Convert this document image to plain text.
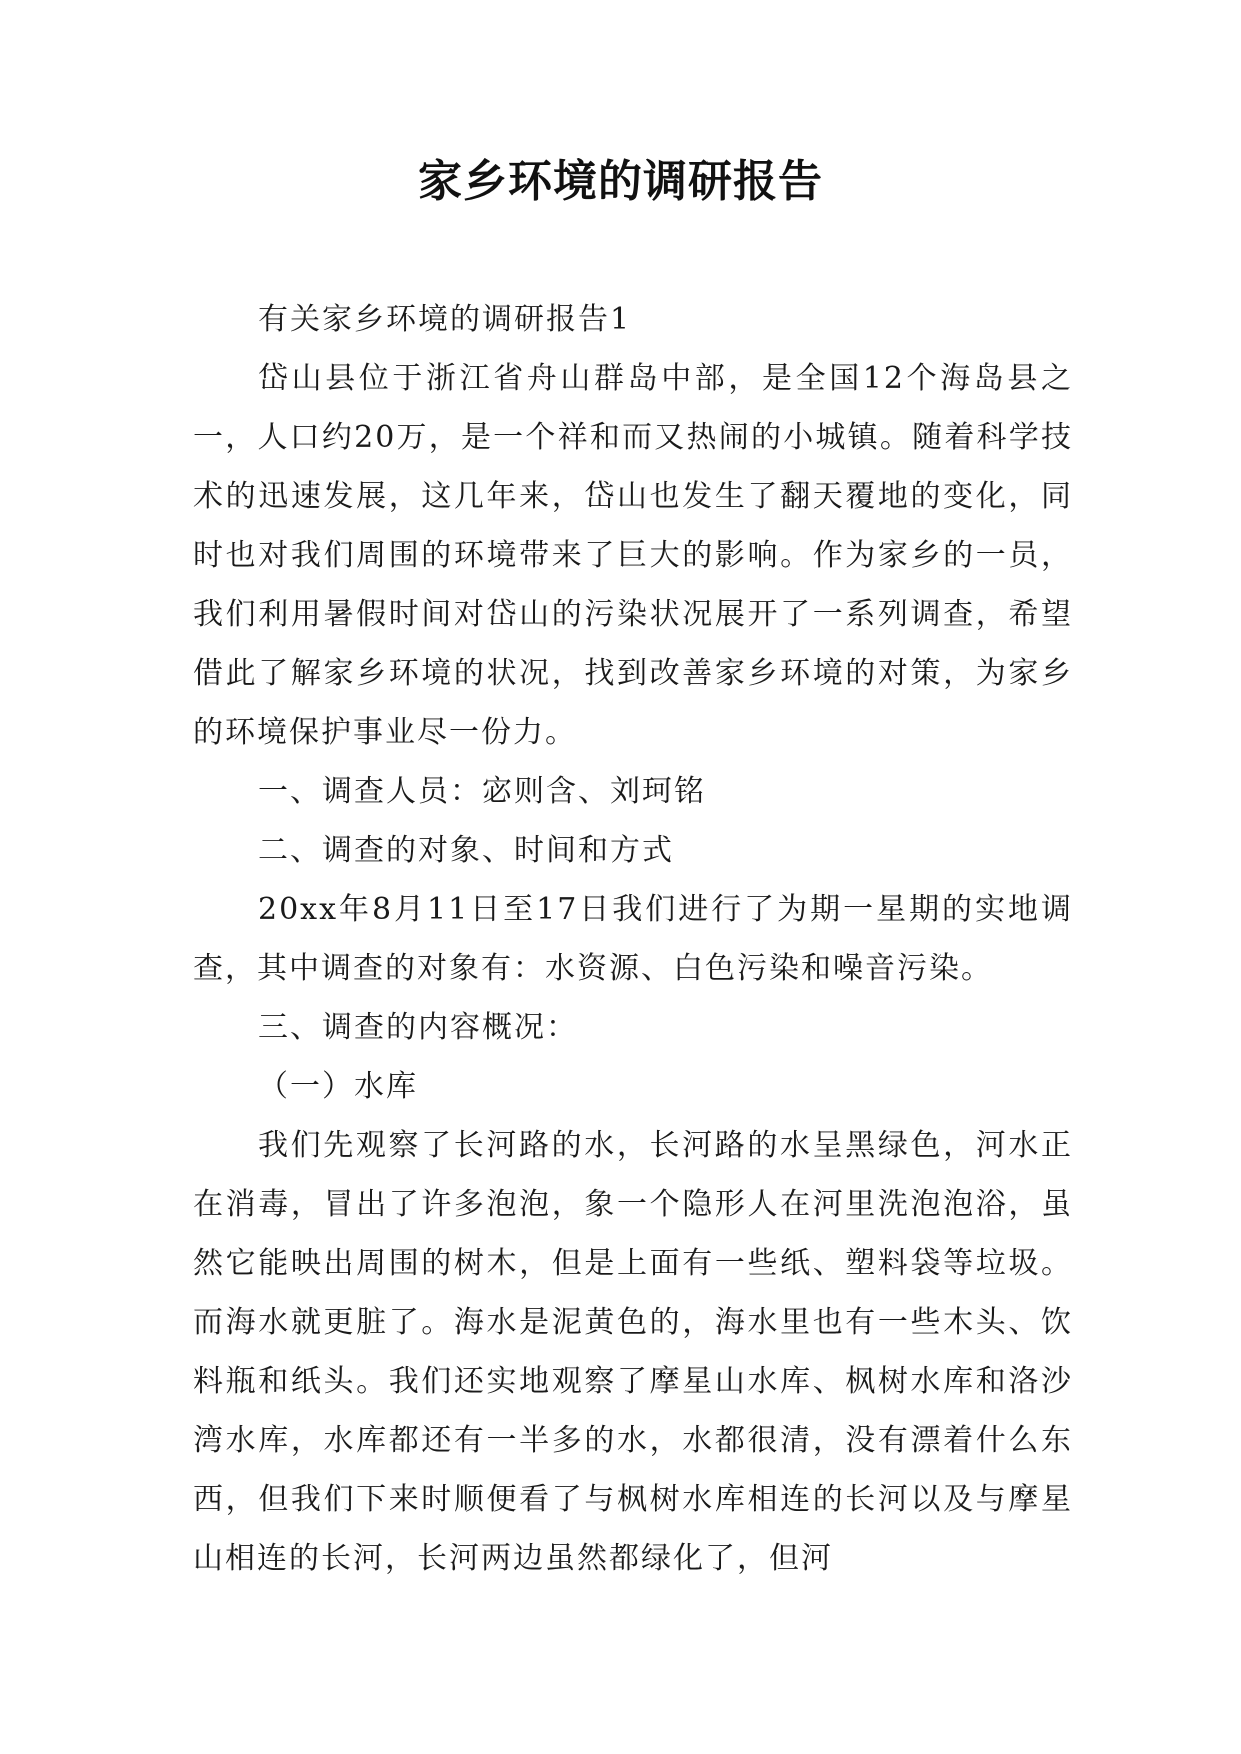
家乡环境的调研报告

有关家乡环境的调研报告1

岱山县位于浙江省舟山群岛中部，是全国12个海岛县之一，人口约20万，是一个祥和而又热闹的小城镇。随着科学技术的迅速发展，这几年来，岱山也发生了翻天覆地的变化，同时也对我们周围的环境带来了巨大的影响。作为家乡的一员，我们利用暑假时间对岱山的污染状况展开了一系列调查，希望借此了解家乡环境的状况，找到改善家乡环境的对策，为家乡的环境保护事业尽一份力。

一、调查人员：宓则含、刘珂铭

二、调查的对象、时间和方式

20xx年8月11日至17日我们进行了为期一星期的实地调查，其中调查的对象有：水资源、白色污染和噪音污染。

三、调查的内容概况：

（一）水库

我们先观察了长河路的水，长河路的水呈黑绿色，河水正在消毒，冒出了许多泡泡，象一个隐形人在河里洗泡泡浴，虽然它能映出周围的树木，但是上面有一些纸、塑料袋等垃圾。而海水就更脏了。海水是泥黄色的，海水里也有一些木头、饮料瓶和纸头。我们还实地观察了摩星山水库、枫树水库和洛沙湾水库，水库都还有一半多的水，水都很清，没有漂着什么东西，但我们下来时顺便看了与枫树水库相连的长河以及与摩星山相连的长河，长河两边虽然都绿化了，但河
